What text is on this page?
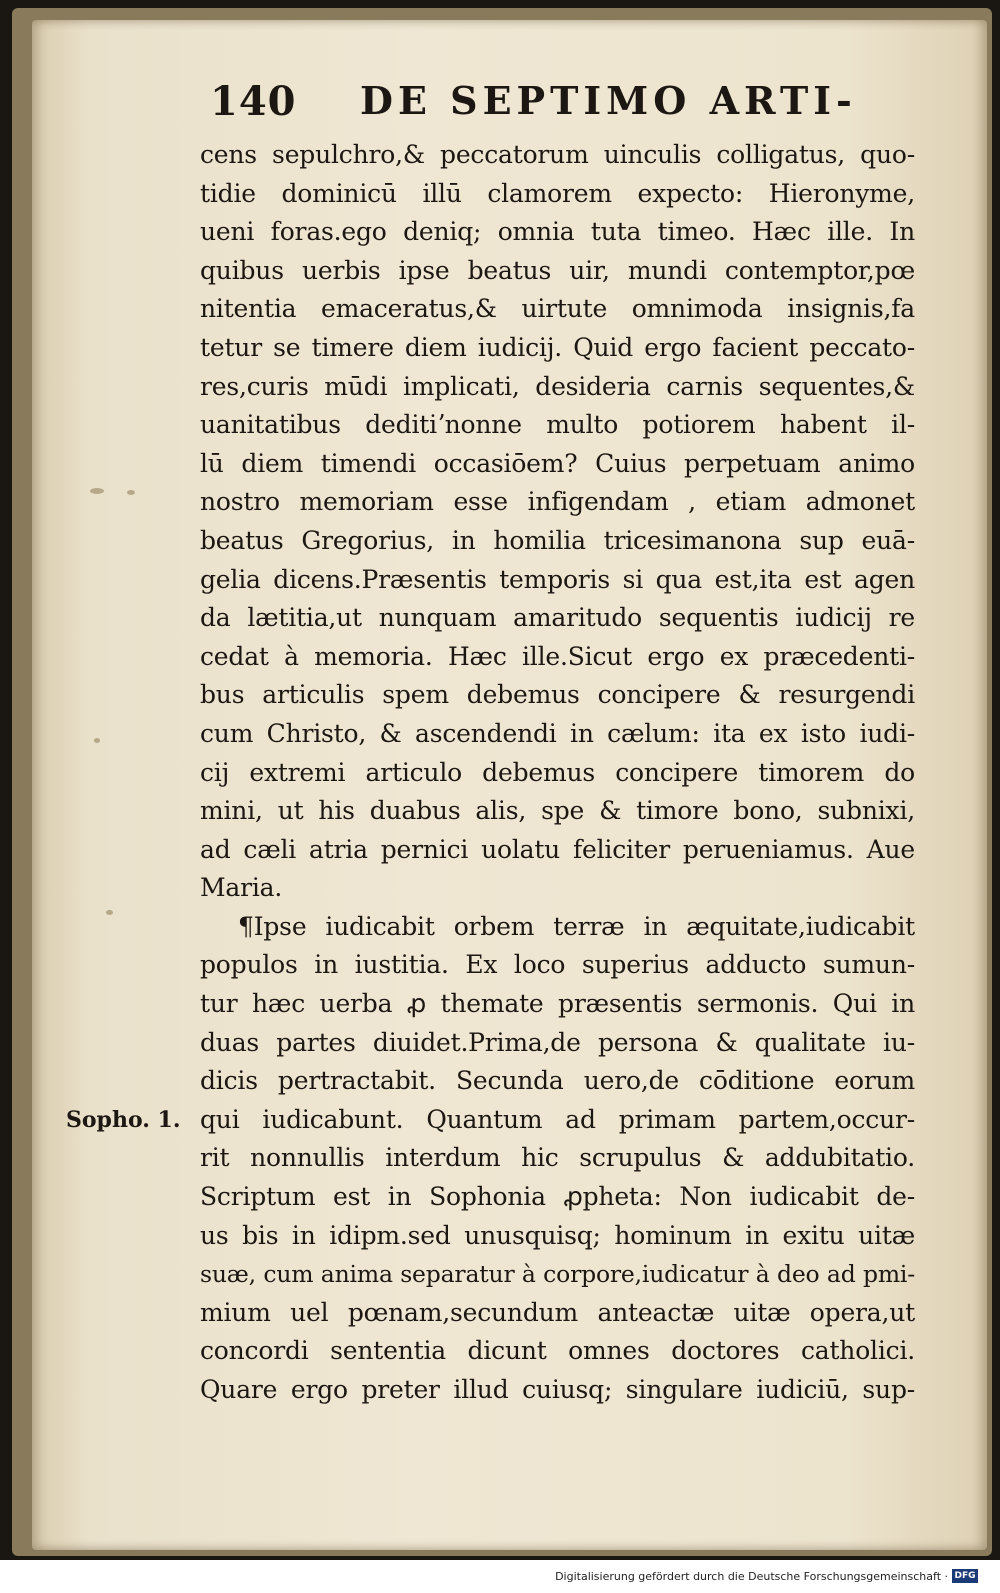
140 DE SEPTIMO ARTI-
Sopho. 1.
cens sepulchro,& peccatorum uinculis colligatus, quo-
tidie dominicū illū clamorem expecto: Hieronyme,
ueni foras.ego deniq; omnia tuta timeo. Hæc ille. In
quibus uerbis ipse beatus uir, mundi contemptor,pœ
nitentia emaceratus,& uirtute omnimoda insignis,fa
tetur se timere diem iudicij. Quid ergo facient peccato-
res,curis mūdi implicati, desideria carnis sequentes,&
uanitatibus deditiʼnonne multo potiorem habent il-
lū diem timendi occasiōem? Cuius perpetuam animo
nostro memoriam esse infigendam , etiam admonet
beatus Gregorius, in homilia tricesimanona sup euā-
gelia dicens.Præsentis temporis si qua est,ita est agen
da lætitia,ut nunquam amaritudo sequentis iudicij re
cedat à memoria. Hæc ille.Sicut ergo ex præcedenti-
bus articulis spem debemus concipere & resurgendi
cum Christo, & ascendendi in cælum: ita ex isto iudi-
cij extremi articulo debemus concipere timorem do
mini, ut his duabus alis, spe & timore bono, subnixi,
ad cæli atria pernici uolatu feliciter perueniamus. Aue
Maria.
¶Ipse iudicabit orbem terræ in æquitate,iudicabit
populos in iustitia. Ex loco superius adducto sumun-
tur hæc uerba ꝓ themate præsentis sermonis. Qui in
duas partes diuidet.Prima,de persona & qualitate iu-
dicis pertractabit. Secunda uero,de cōditione eorum
qui iudicabunt. Quantum ad primam partem,occur-
rit nonnullis interdum hic scrupulus & addubitatio.
Scriptum est in Sophonia ꝓpheta: Non iudicabit de-
us bis in idipm.sed unusquisq; hominum in exitu uitæ
suæ, cum anima separatur à corpore,iudicatur à deo ad pmi-
mium uel pœnam,secundum anteactæ uitæ opera,ut
concordi sententia dicunt omnes doctores catholici.
Quare ergo preter illud cuiusq; singulare iudiciū, sup-
Digitalisierung gefördert durch die Deutsche Forschungsgemeinschaft · DFG
